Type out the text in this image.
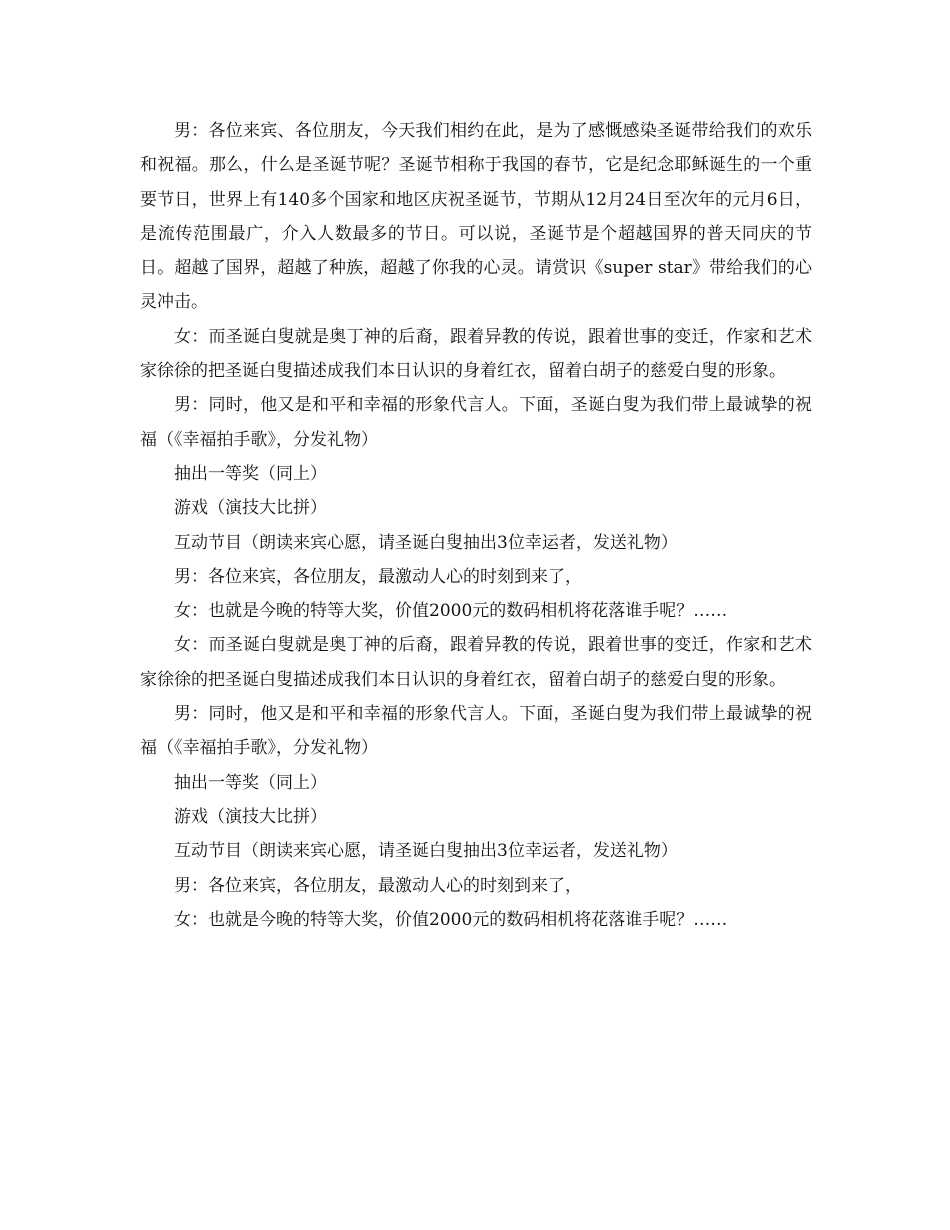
男：各位来宾、各位朋友，今天我们相约在此，是为了感慨感染圣诞带给我们的欢乐和祝福。那么，什么是圣诞节呢？圣诞节相称于我国的春节，它是纪念耶稣诞生的一个重要节日，世界上有140多个国家和地区庆祝圣诞节，节期从12月24日至次年的元月6日，是流传范围最广，介入人数最多的节日。可以说，圣诞节是个超越国界的普天同庆的节日。超越了国界，超越了种族，超越了你我的心灵。请赏识《super star》带给我们的心灵冲击。

女：而圣诞白叟就是奥丁神的后裔，跟着异教的传说，跟着世事的变迁，作家和艺术家徐徐的把圣诞白叟描述成我们本日认识的身着红衣，留着白胡子的慈爱白叟的形象。

男：同时，他又是和平和幸福的形象代言人。下面，圣诞白叟为我们带上最诚挚的祝福（《幸福拍手歌》，分发礼物）

抽出一等奖（同上）

游戏（演技大比拼）

互动节目（朗读来宾心愿，请圣诞白叟抽出3位幸运者，发送礼物）

男：各位来宾，各位朋友，最激动人心的时刻到来了，

女：也就是今晚的特等大奖，价值2000元的数码相机将花落谁手呢？……

女：而圣诞白叟就是奥丁神的后裔，跟着异教的传说，跟着世事的变迁，作家和艺术家徐徐的把圣诞白叟描述成我们本日认识的身着红衣，留着白胡子的慈爱白叟的形象。

男：同时，他又是和平和幸福的形象代言人。下面，圣诞白叟为我们带上最诚挚的祝福（《幸福拍手歌》，分发礼物）

抽出一等奖（同上）

游戏（演技大比拼）

互动节目（朗读来宾心愿，请圣诞白叟抽出3位幸运者，发送礼物）

男：各位来宾，各位朋友，最激动人心的时刻到来了，

女：也就是今晚的特等大奖，价值2000元的数码相机将花落谁手呢？……
